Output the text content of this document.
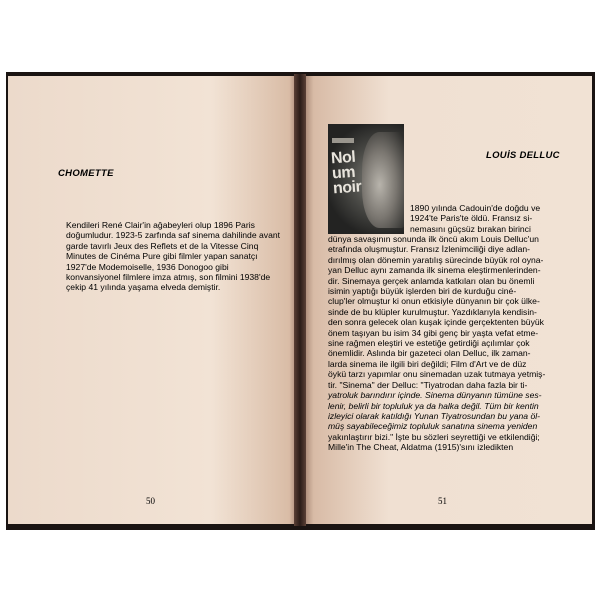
CHOMETTE
Kendileri René Clair'in ağabeyleri olup 1896 Paris
doğumludur. 1923-5 zarfında saf sinema dahilinde avant
garde tavırlı Jeux des Reflets et de la Vitesse Cinq
Minutes de Cinéma Pure gibi filmler yapan sanatçı
1927'de Modemoiselle, 1936 Donogoo gibi
konvansiyonel filmlere imza atmış, son filmini 1938'de
çekip 41 yılında yaşama elveda demiştir.
50
Nol um noir
LOUİS DELLUC
1890 yılında Cadouin'de doğdu ve
1924'te Paris'te öldü. Fransız si-
nemasını güçsüz bırakan birinci
dünya savaşının sonunda ilk öncü akım Louis Delluc'un
etrafında oluşmuştur. Fransız İzlenimciliği diye adlan-
dırılmış olan dönemin yaratılış sürecinde büyük rol oyna-
yan Delluc aynı zamanda ilk sinema eleştirmenlerinden-
dir. Sinemaya gerçek anlamda katkıları olan bu önemli
isimin yaptığı büyük işlerden biri de kurduğu ciné-
clup'ler olmuştur ki onun etkisiyle dünyanın bir çok ülke-
sinde de bu klüpler kurulmuştur. Yazdıklarıyla kendisin-
den sonra gelecek olan kuşak içinde gerçektenten büyük
önem taşıyan bu isim 34 gibi genç bir yaşta vefat etme-
sine rağmen eleştiri ve estetiğe getirdiği açılımlar çok
önemlidir. Aslında bir gazeteci olan Delluc, ilk zaman-
larda sinema ile ilgili biri değildi; Film d'Art ve de düz
öykü tarzı yapımlar onu sinemadan uzak tutmaya yetmiş-
tir. "Sinema" der Delluc: "Tiyatrodan daha fazla bir ti-
yatroluk barındırır içinde. Sinema dünyanın tümüne ses-
lenir, belirli bir topluluk ya da halka değil. Tüm bir kentin
izleyici olarak katıldığı Yunan Tiyatrosundan bu yana öl-
müş sayabileceğimiz topluluk sanatına sinema yeniden
yakınlaştırır bizi." İşte bu sözleri seyrettiği ve etkilendiği;
Mille'in The Cheat, Aldatma (1915)'sını izledikten
51
